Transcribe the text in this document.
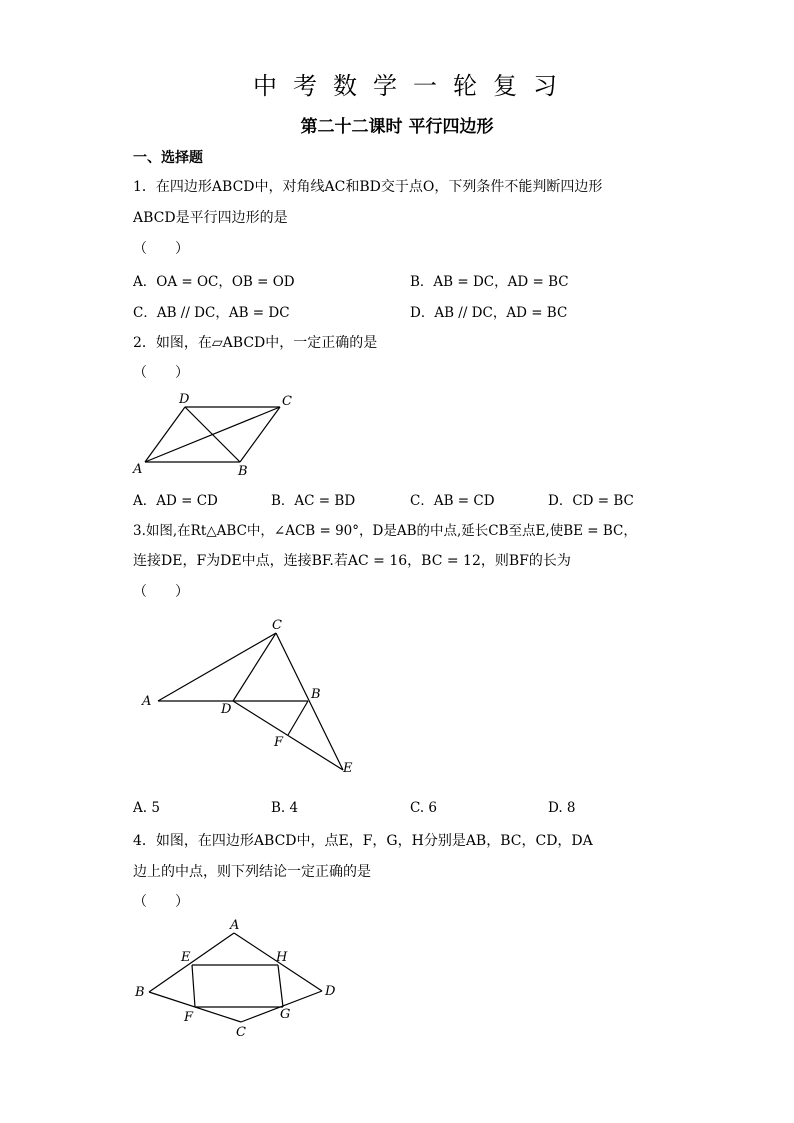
中考数学一轮复习
第二十二课时 平行四边形
一、选择题
1．在四边形ABCD中，对角线AC和BD交于点O，下列条件不能判断四边形
ABCD是平行四边形的是
（　　）
A．OA = OC，OB = OD	B．AB = DC，AD = BC
C．AB // DC，AB = DC	D．AB // DC，AD = BC
2．如图，在▱ABCD中，一定正确的是
（　　）
A	B
C
D
A．AD = CD	B．AC = BD	C．AB = CD	D．CD = BC
3.如图,在Rt△ABC中，∠ACB = 90°，D是AB的中点,延长CB至点E,使BE = BC，
连接DE，F为DE中点，连接BF.若AC = 16，BC = 12，则BF的长为
（　　）
A	B
C
D
E
F
A. 5	B. 4	C. 6	D. 8
4．如图，在四边形ABCD中，点E，F，G，H分别是AB，BC，CD，DA
边上的中点，则下列结论一定正确的是
（　　）
A
B
C
D
E
F	G
H
